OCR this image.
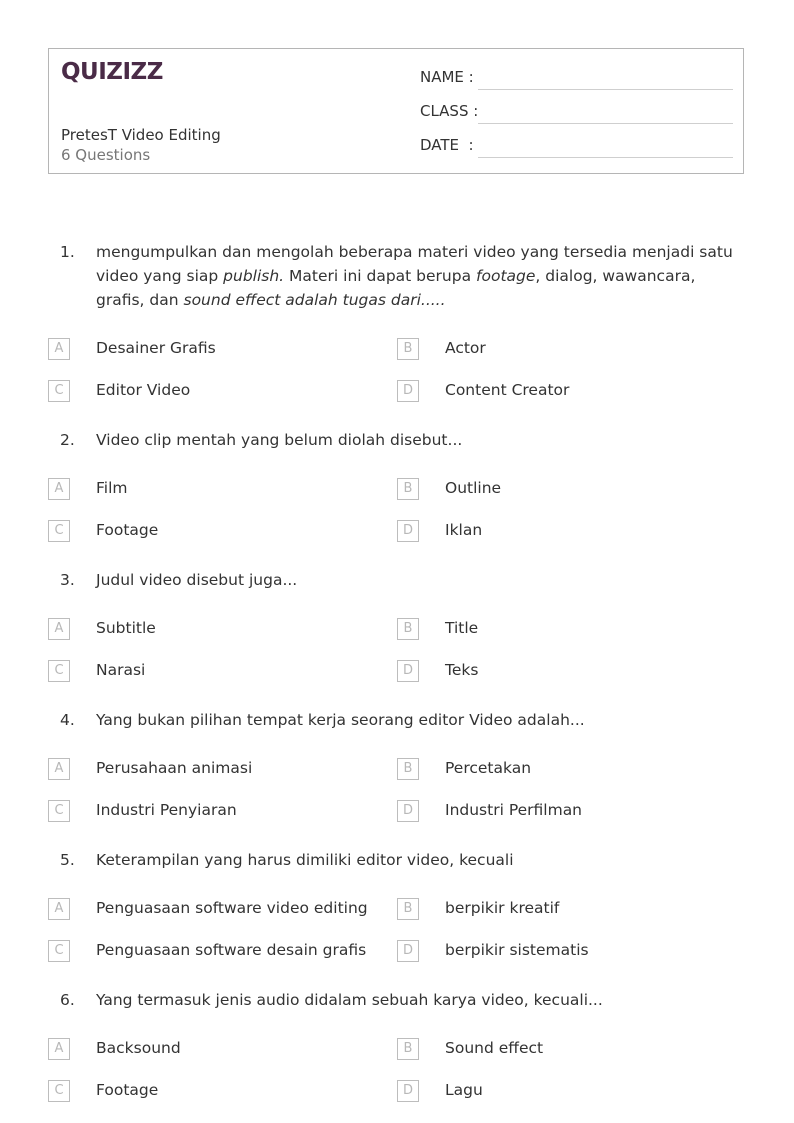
QUIZIZZ
PretesT Video Editing
6 Questions
NAME :
CLASS :
DATE  :
1. mengumpulkan dan mengolah beberapa materi video yang tersedia menjadi satu video yang siap publish. Materi ini dapat berupa footage, dialog, wawancara, grafis, dan sound effect adalah tugas dari.....
A	Desainer Grafis	B	Actor
C	Editor Video	D	Content Creator
2. Video clip mentah yang belum diolah disebut...
A	Film	B	Outline
C	Footage	D	Iklan
3. Judul video disebut juga...
A	Subtitle	B	Title
C	Narasi	D	Teks
4. Yang bukan pilihan tempat kerja seorang editor Video adalah...
A	Perusahaan animasi	B	Percetakan
C	Industri Penyiaran	D	Industri Perfilman
5. Keterampilan yang harus dimiliki editor video, kecuali
A	Penguasaan software video editing	B	berpikir kreatif
C	Penguasaan software desain grafis	D	berpikir sistematis
6. Yang termasuk jenis audio didalam sebuah karya video, kecuali...
A	Backsound	B	Sound effect
C	Footage	D	Lagu
